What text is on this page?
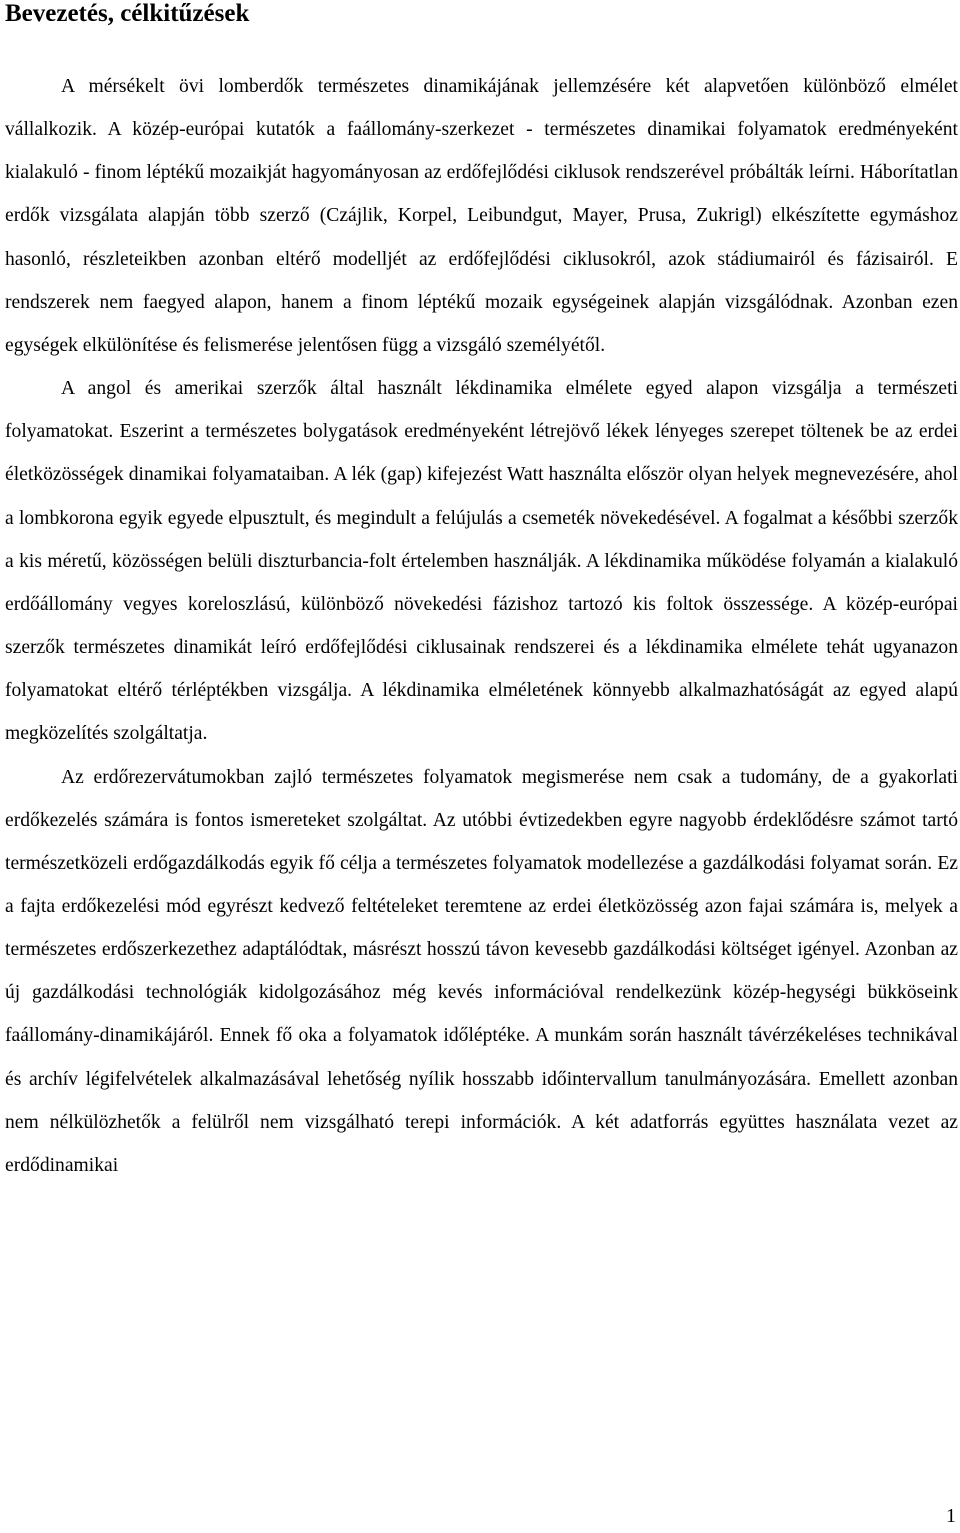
Bevezetés, célkitűzések

A mérsékelt övi lomberdők természetes dinamikájának jellemzésére két alapvetően különböző elmélet vállalkozik. A közép-európai kutatók a faállomány-szerkezet - természetes dinamikai folyamatok eredményeként kialakuló - finom léptékű mozaikját hagyományosan az erdőfejlődési ciklusok rendszerével próbálták leírni. Háborítatlan erdők vizsgálata alapján több szerző (Czájlik, Korpel, Leibundgut, Mayer, Prusa, Zukrigl) elkészítette egymáshoz hasonló, részleteikben azonban eltérő modelljét az erdőfejlődési ciklusokról, azok stádiumairól és fázisairól. E rendszerek nem faegyed alapon, hanem a finom léptékű mozaik egységeinek alapján vizsgálódnak. Azonban ezen egységek elkülönítése és felismerése jelentősen függ a vizsgáló személyétől.

A angol és amerikai szerzők által használt lékdinamika elmélete egyed alapon vizsgálja a természeti folyamatokat. Eszerint a természetes bolygatások eredményeként létrejövő lékek lényeges szerepet töltenek be az erdei életközösségek dinamikai folyamataiban. A lék (gap) kifejezést Watt használta először olyan helyek megnevezésére, ahol a lombkorona egyik egyede elpusztult, és megindult a felújulás a csemeték növekedésével. A fogalmat a későbbi szerzők a kis méretű, közösségen belüli diszturbancia-folt értelemben használják. A lékdinamika működése folyamán a kialakuló erdőállomány vegyes koreloszlású, különböző növekedési fázishoz tartozó kis foltok összessége. A közép-európai szerzők természetes dinamikát leíró erdőfejlődési ciklusainak rendszerei és a lékdinamika elmélete tehát ugyanazon folyamatokat eltérő térléptékben vizsgálja. A lékdinamika elméletének könnyebb alkalmazhatóságát az egyed alapú megközelítés szolgáltatja.

Az erdőrezervátumokban zajló természetes folyamatok megismerése nem csak a tudomány, de a gyakorlati erdőkezelés számára is fontos ismereteket szolgáltat. Az utóbbi évtizedekben egyre nagyobb érdeklődésre számot tartó természetközeli erdőgazdálkodás egyik fő célja a természetes folyamatok modellezése a gazdálkodási folyamat során. Ez a fajta erdőkezelési mód egyrészt kedvező feltételeket teremtene az erdei életközösség azon fajai számára is, melyek a természetes erdőszerkezethez adaptálódtak, másrészt hosszú távon kevesebb gazdálkodási költséget igényel. Azonban az új gazdálkodási technológiák kidolgozásához még kevés információval rendelkezünk közép-hegységi bükköseink faállomány-dinamikájáról. Ennek fő oka a folyamatok időléptéke. A munkám során használt távérzékeléses technikával és archív légifelvételek alkalmazásával lehetőség nyílik hosszabb időintervallum tanulmányozására. Emellett azonban nem nélkülözhetők a felülről nem vizsgálható terepi információk. A két adatforrás együttes használata vezet az erdődinamikai

1
